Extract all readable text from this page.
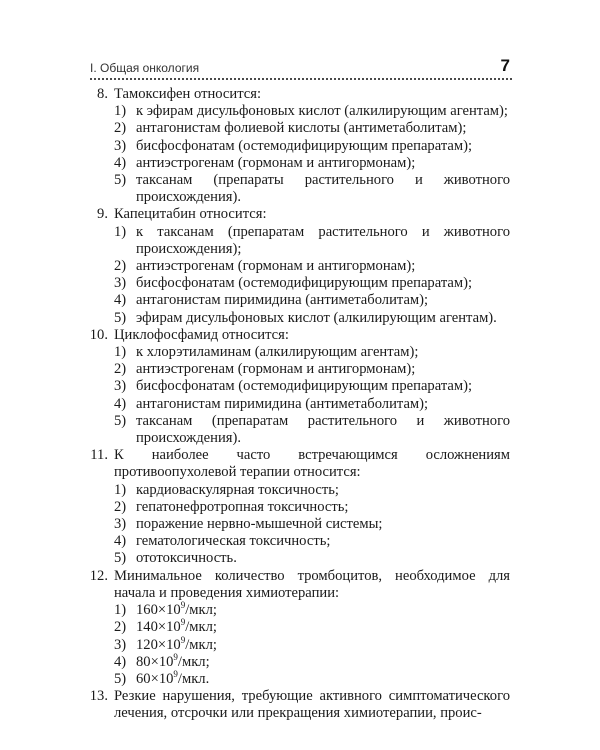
I. Общая онкология	7
8. Тамоксифен относится:
1) к эфирам дисульфоновых кислот (алкилирующим агентам);
2) антагонистам фолиевой кислоты (антиметаболитам);
3) бисфосфонатам (остемодифицирующим препаратам);
4) антиэстрогенам (гормонам и антигормонам);
5) таксанам (препараты растительного и животного происхождения).
9. Капецитабин относится:
1) к таксанам (препаратам растительного и животного происхождения);
2) антиэстрогенам (гормонам и антигормонам);
3) бисфосфонатам (остемодифицирующим препаратам);
4) антагонистам пиримидина (антиметаболитам);
5) эфирам дисульфоновых кислот (алкилирующим агентам).
10. Циклофосфамид относится:
1) к хлорэтиламинам (алкилирующим агентам);
2) антиэстрогенам (гормонам и антигормонам);
3) бисфосфонатам (остемодифицирующим препаратам);
4) антагонистам пиримидина (антиметаболитам);
5) таксанам (препаратам растительного и животного происхождения).
11. К наиболее часто встречающимся осложнениям противоопухолевой терапии относится:
1) кардиоваскулярная токсичность;
2) гепатонефротропная токсичность;
3) поражение нервно-мышечной системы;
4) гематологическая токсичность;
5) ототоксичность.
12. Минимальное количество тромбоцитов, необходимое для начала и проведения химиотерапии:
1) $160\times 10^9$/мкл;
2) $140\times 10^9$/мкл;
3) $120\times 10^9$/мкл;
4) $80\times 10^9$/мкл;
5) $60\times 10^9$/мкл.
13. Резкие нарушения, требующие активного симптоматического лечения, отсрочки или прекращения химиотерапии, проис-
